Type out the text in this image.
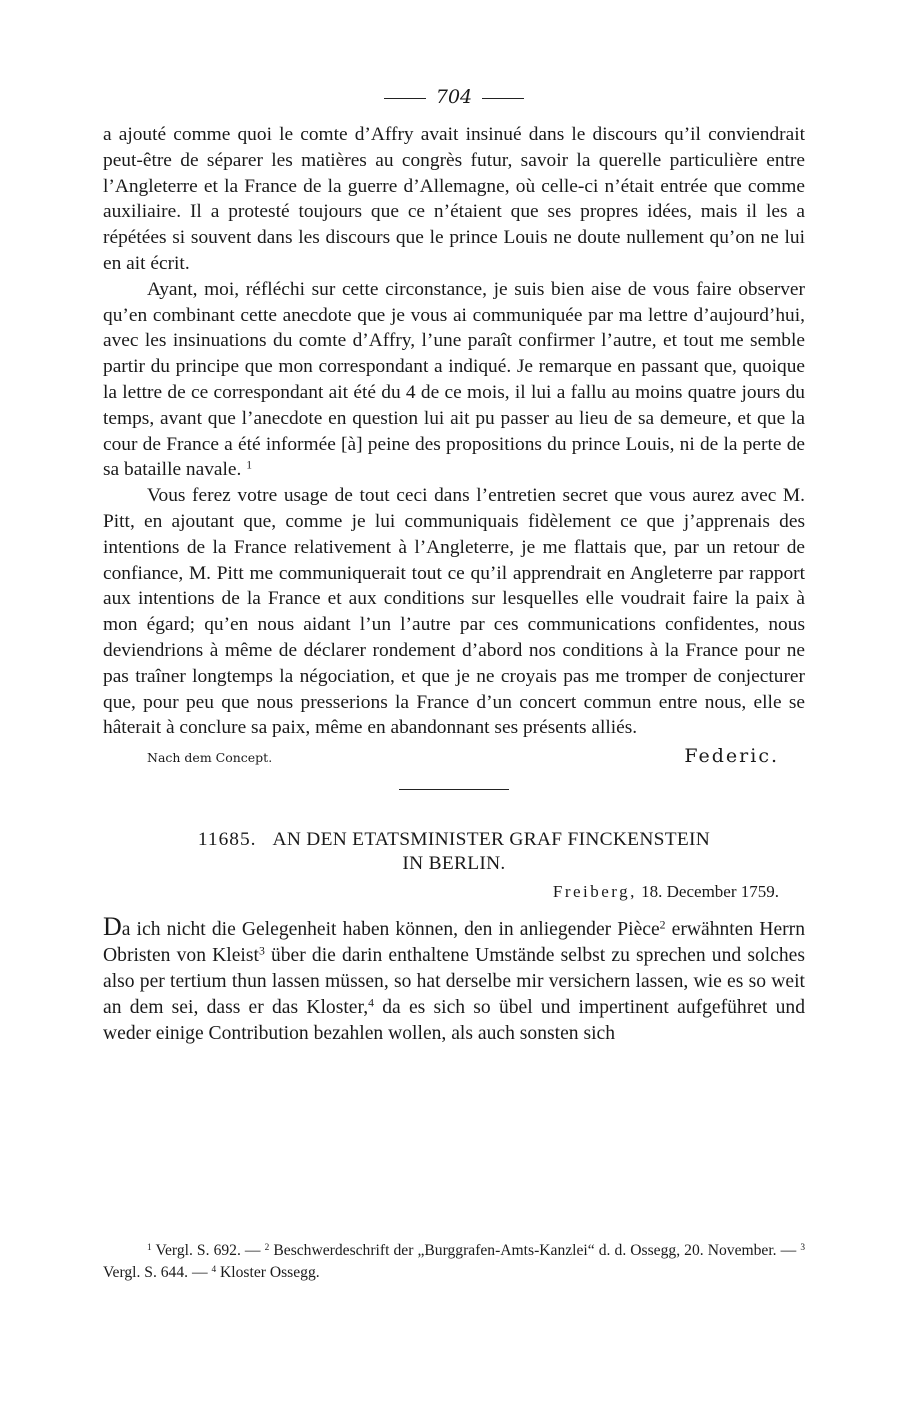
704

a ajouté comme quoi le comte d’Affry avait insinué dans le discours qu’il conviendrait peut-être de séparer les matières au congrès futur, savoir la querelle particulière entre l’Angleterre et la France de la guerre d’Allemagne, où celle-ci n’était entrée que comme auxiliaire. Il a protesté toujours que ce n’étaient que ses propres idées, mais il les a répétées si souvent dans les discours que le prince Louis ne doute nullement qu’on ne lui en ait écrit.

Ayant, moi, réfléchi sur cette circonstance, je suis bien aise de vous faire observer qu’en combinant cette anecdote que je vous ai communiquée par ma lettre d’aujourd’hui, avec les insinuations du comte d’Affry, l’une paraît confirmer l’autre, et tout me semble partir du principe que mon correspondant a indiqué. Je remarque en passant que, quoique la lettre de ce correspondant ait été du 4 de ce mois, il lui a fallu au moins quatre jours du temps, avant que l’anecdote en question lui ait pu passer au lieu de sa demeure, et que la cour de France a été informée [à] peine des propositions du prince Louis, ni de la perte de sa bataille navale. $^1$

Vous ferez votre usage de tout ceci dans l’entretien secret que vous aurez avec M. Pitt, en ajoutant que, comme je lui communiquais fidèlement ce que j’apprenais des intentions de la France relativement à l’Angleterre, je me flattais que, par un retour de confiance, M. Pitt me communiquerait tout ce qu’il apprendrait en Angleterre par rapport aux intentions de la France et aux conditions sur lesquelles elle voudrait faire la paix à mon égard; qu’en nous aidant l’un l’autre par ces communications confidentes, nous deviendrions à même de déclarer rondement d’abord nos conditions à la France pour ne pas traîner longtemps la négociation, et que je ne croyais pas me tromper de conjecturer que, pour peu que nous presserions la France d’un concert commun entre nous, elle se hâterait à conclure sa paix, même en abandonnant ses présents alliés.

Nach dem Concept.	Federic.
11685. AN DEN ETATSMINISTER GRAF FINCKENSTEIN
IN BERLIN.
Freiberg, 18. December 1759.
Da ich nicht die Gelegenheit haben können, den in anliegender Pièce$^2$ erwähnten Herrn Obristen von Kleist$^3$ über die darin enthaltene Umstände selbst zu sprechen und solches also per tertium thun lassen müssen, so hat derselbe mir versichern lassen, wie es so weit an dem sei, dass er das Kloster,$^4$ da es sich so übel und impertinent aufgeführet und weder einige Contribution bezahlen wollen, als auch sonsten sich
$^1$ Vergl. S. 692. — $^2$ Beschwerdeschrift der „Burggrafen-Amts-Kanzlei“ d. d. Ossegg, 20. November. — $^3$ Vergl. S. 644. — $^4$ Kloster Ossegg.
